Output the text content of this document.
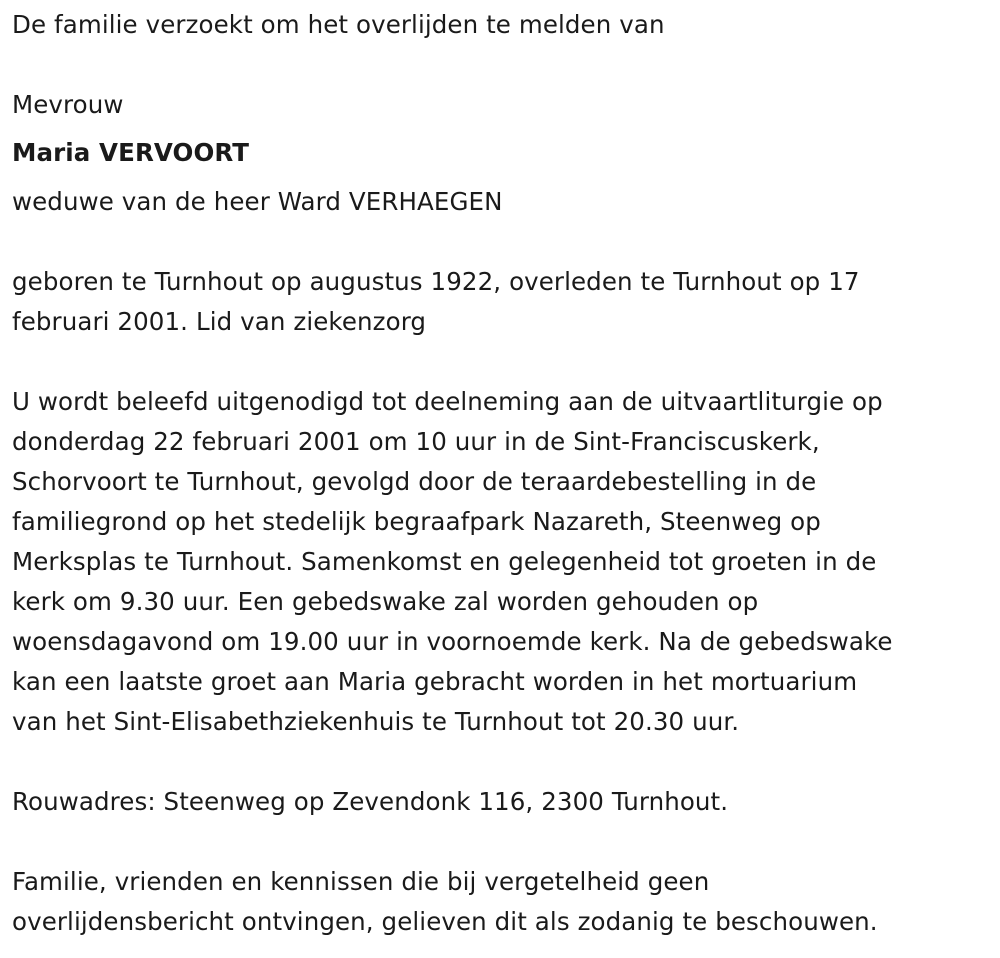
De familie verzoekt om het overlijden te melden van
Mevrouw
Maria VERVOORT
weduwe van de heer Ward VERHAEGEN
geboren te Turnhout op augustus 1922, overleden te Turnhout op 17
februari 2001. Lid van ziekenzorg
U wordt beleefd uitgenodigd tot deelneming aan de uitvaartliturgie op
donderdag 22 februari 2001 om 10 uur in de Sint-Franciscuskerk,
Schorvoort te Turnhout, gevolgd door de teraardebestelling in de
familiegrond op het stedelijk begraafpark Nazareth, Steenweg op
Merksplas te Turnhout. Samenkomst en gelegenheid tot groeten in de
kerk om 9.30 uur. Een gebedswake zal worden gehouden op
woensdagavond om 19.00 uur in voornoemde kerk. Na de gebedswake
kan een laatste groet aan Maria gebracht worden in het mortuarium
van het Sint-Elisabethziekenhuis te Turnhout tot 20.30 uur.
Rouwadres: Steenweg op Zevendonk 116, 2300 Turnhout.
Familie, vrienden en kennissen die bij vergetelheid geen
overlijdensbericht ontvingen, gelieven dit als zodanig te beschouwen.
